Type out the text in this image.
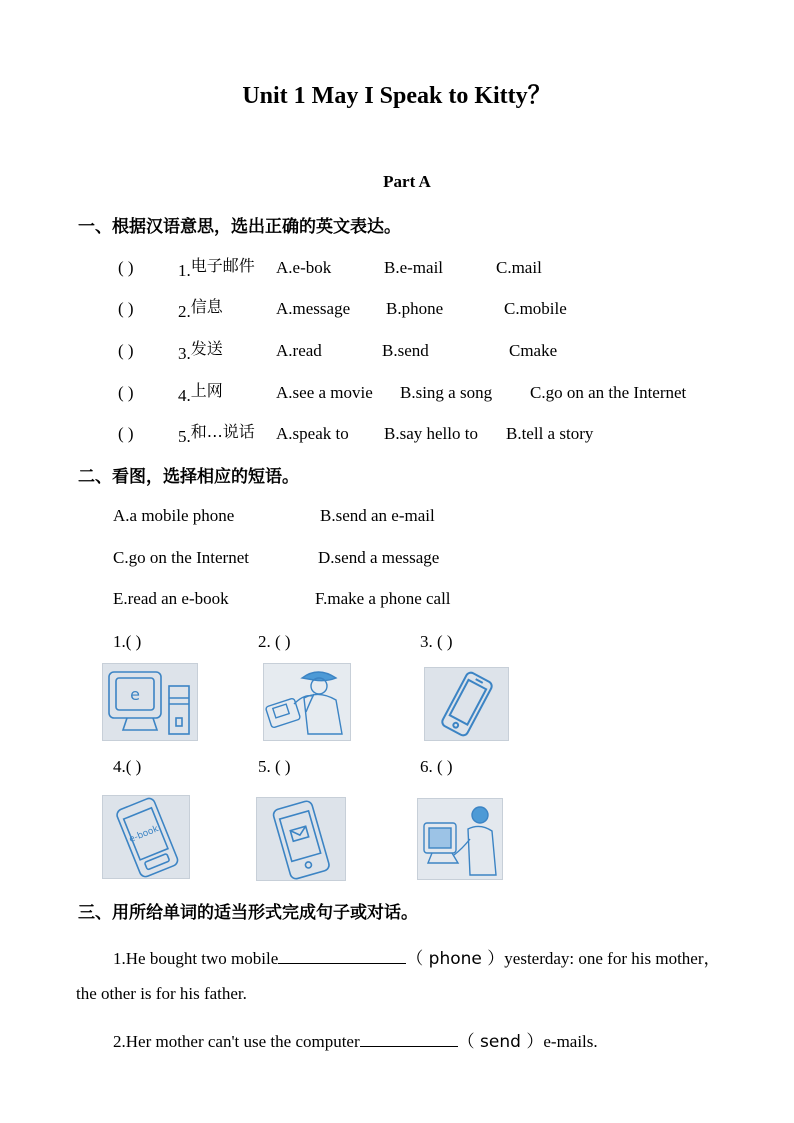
Unit 1 May I Speak to Kitty？
Part A
一、根据汉语意思，选出正确的英文表达。
( )	1.电子邮件 A.e-bok	B.e-mail	C.mail
( )	2.信息	A.message B.phone	C.mobile
( )	3.发送	A.read	B.send	Cmake
( )	4.上网	A.see a movie B.sing a song C.go on an the Internet
( )	5.和…说话 A.speak to B.say hello to B.tell a story
二、看图，选择相应的短语。
A.a mobile phone	B.send an e-mail
C.go on the Internet	D.send a message
E.read an e-book	F.make a phone call
1.( )	2. ( )	3. ( )
4.( )	5. ( )	6. ( )
e
e-book
三、用所给单词的适当形式完成句子或对话。
1.He bought two mobile	（ phone ）yesterday: one for his mother，
the other is for his father.
2.Her mother can't use the computer	（ send ）e-mails.
